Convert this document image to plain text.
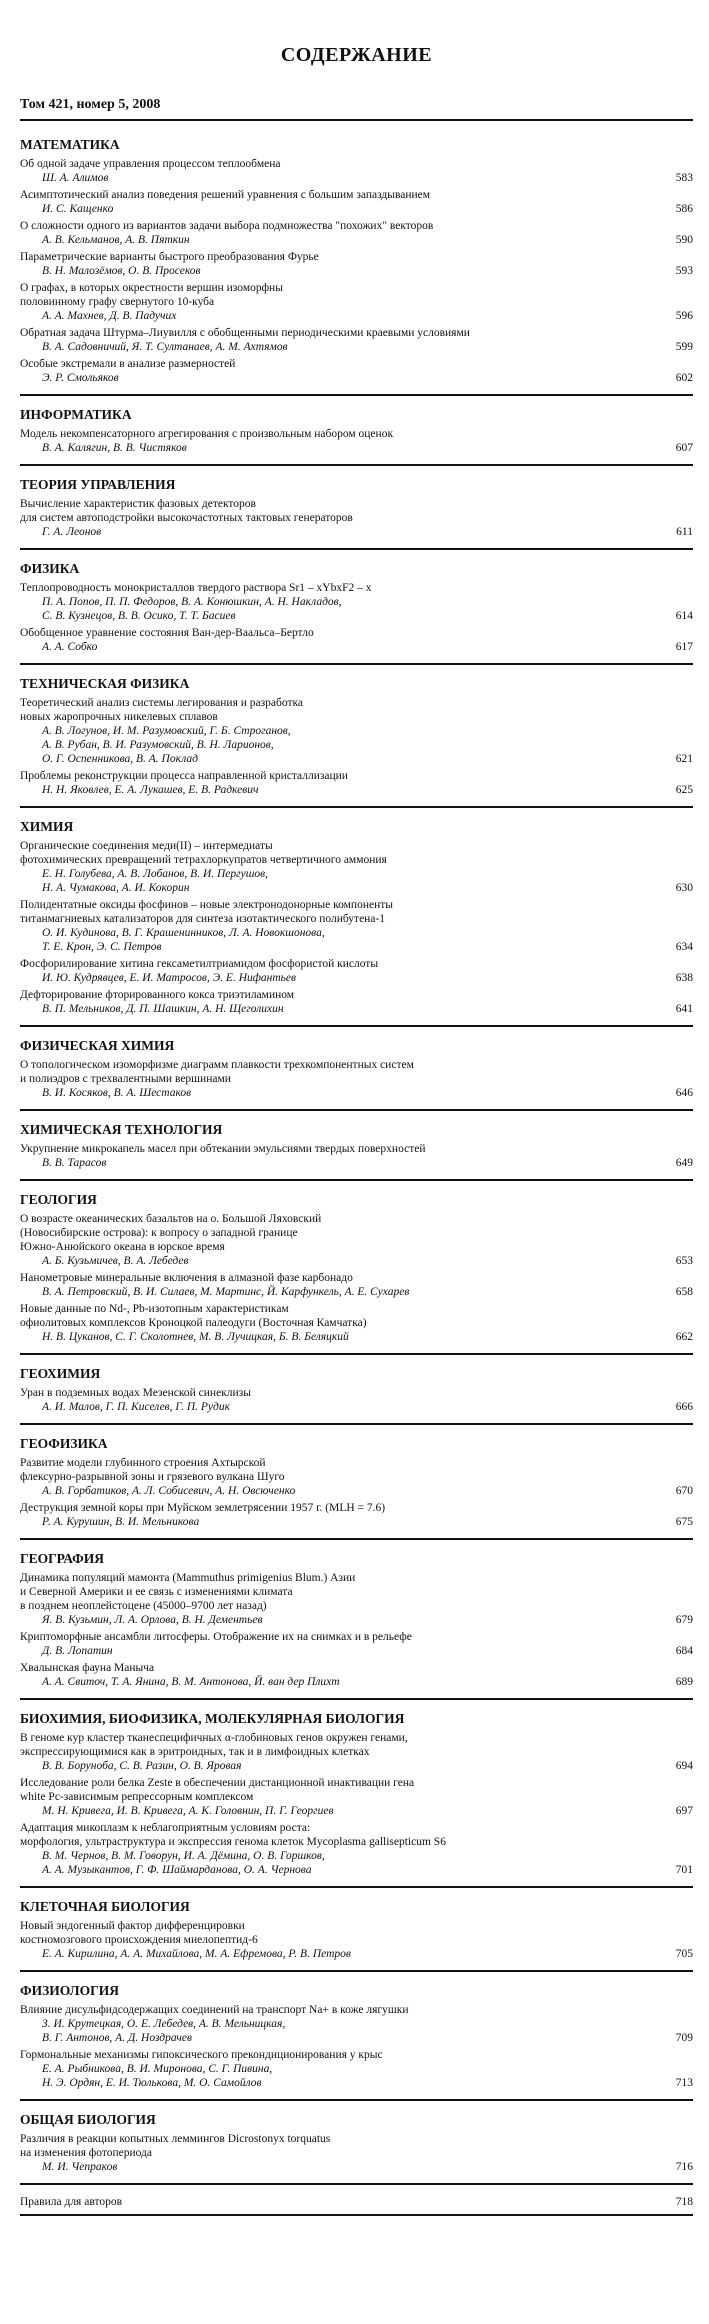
СОДЕРЖАНИЕ
Том 421, номер 5, 2008
МАТЕМАТИКА
Об одной задаче управления процессом теплообмена
Ш. А. Алимов	583
Асимптотический анализ поведения решений уравнения с большим запаздыванием
И. С. Кащенко	586
О сложности одного из вариантов задачи выбора подмножества "похожих" векторов
А. В. Кельманов, А. В. Пяткин	590
Параметрические варианты быстрого преобразования Фурье
В. Н. Малозёмов, О. В. Просеков	593
О графах, в которых окрестности вершин изоморфны
половинному графу свернутого 10-куба
А. А. Махнев, Д. В. Падучих	596
Обратная задача Штурма–Лиувилля с обобщенными периодическими краевыми условиями
В. А. Садовничий, Я. Т. Султанаев, А. М. Ахтямов	599
Особые экстремали в анализе размерностей
Э. Р. Смольяков	602
ИНФОРМАТИКА
Модель некомпенсаторного агрегирования с произвольным набором оценок
В. А. Калягин, В. В. Чистяков	607
ТЕОРИЯ УПРАВЛЕНИЯ
Вычисление характеристик фазовых детекторов
для систем автоподстройки высокочастотных тактовых генераторов
Г. А. Леонов	611
ФИЗИКА
Теплопроводность монокристаллов твердого раствора Sr1 – xYbxF2 – x
П. А. Попов, П. П. Федоров, В. А. Конюшкин, А. Н. Накладов,
С. В. Кузнецов, В. В. Осико, Т. Т. Басиев	614
Обобщенное уравнение состояния Ван-дер-Ваальса–Бертло
А. А. Собко	617
ТЕХНИЧЕСКАЯ ФИЗИКА
Теоретический анализ системы легирования и разработка
новых жаропрочных никелевых сплавов
А. В. Логунов, И. М. Разумовский, Г. Б. Строганов,
А. В. Рубан, В. И. Разумовский, В. Н. Ларионов,
О. Г. Оспенникова, В. А. Поклад	621
Проблемы реконструкции процесса направленной кристаллизации
Н. Н. Яковлев, Е. А. Лукашев, Е. В. Радкевич	625
ХИМИЯ
Органические соединения меди(II) – интермедиаты
фотохимических превращений тетрахлоркупратов четвертичного аммония
Е. Н. Голубева, А. В. Лобанов, В. И. Пергушов,
Н. А. Чумакова, А. И. Кокорин	630
Полидентатные оксиды фосфинов – новые электронодонорные компоненты
титанмагниевых катализаторов для синтеза изотактического полибутена-1
О. И. Кудинова, В. Г. Крашенинников, Л. А. Новокшонова,
Т. Е. Крон, Э. С. Петров	634
Фосфорилирование хитина гексаметилтриамидом фосфористой кислоты
И. Ю. Кудрявцев, Е. И. Матросов, Э. Е. Нифантьев	638
Дефторирование фторированного кокса триэтиламином
В. П. Мельников, Д. П. Шашкин, А. Н. Щеголихин	641
ФИЗИЧЕСКАЯ ХИМИЯ
О топологическом изоморфизме диаграмм плавкости трехкомпонентных систем
и полиэдров с трехвалентными вершинами
В. И. Косяков, В. А. Шестаков	646
ХИМИЧЕСКАЯ ТЕХНОЛОГИЯ
Укрупнение микрокапель масел при обтекании эмульсиями твердых поверхностей
В. В. Тарасов	649
ГЕОЛОГИЯ
О возрасте океанических базальтов на о. Большой Ляховский
(Новосибирские острова): к вопросу о западной границе
Южно-Анюйского океана в юрское время
А. Б. Кузьмичев, В. А. Лебедев	653
Нанометровые минеральные включения в алмазной фазе карбонадо
В. А. Петровский, В. И. Силаев, М. Мартинс, Й. Карфункель, А. Е. Сухарев	658
Новые данные по Nd-, Pb-изотопным характеристикам
офиолитовых комплексов Кроноцкой палеодуги (Восточная Камчатка)
Н. В. Цуканов, С. Г. Сколотнев, М. В. Лучицкая, Б. В. Беляцкий	662
ГЕОХИМИЯ
Уран в подземных водах Мезенской синеклизы
А. И. Малов, Г. П. Киселев, Г. П. Рудик	666
ГЕОФИЗИКА
Развитие модели глубинного строения Ахтырской
флексурно-разрывной зоны и грязевого вулкана Шуго
А. В. Горбатиков, А. Л. Собисевич, А. Н. Овсюченко	670
Деструкция земной коры при Муйском землетрясении 1957 г. (MLH = 7.6)
Р. А. Курушин, В. И. Мельникова	675
ГЕОГРАФИЯ
Динамика популяций мамонта (Mammuthus primigenius Blum.) Азии
и Северной Америки и ее связь с изменениями климата
в позднем неоплейстоцене (45000–9700 лет назад)
Я. В. Кузьмин, Л. А. Орлова, В. Н. Дементьев	679
Криптоморфные ансамбли литосферы. Отображение их на снимках и в рельефе
Д. В. Лопатин	684
Хвалынская фауна Маныча
А. А. Свиточ, Т. А. Янина, В. М. Антонова, Й. ван дер Плихт	689
БИОХИМИЯ, БИОФИЗИКА, МОЛЕКУЛЯРНАЯ БИОЛОГИЯ
В геноме кур кластер тканеспецифичных α-глобиновых генов окружен генами,
экспрессирующимися как в эритроидных, так и в лимфоидных клетках
В. В. Боруноба, С. В. Разин, О. В. Яровая	694
Исследование роли белка Zeste в обеспечении дистанционной инактивации гена
white Pc-зависимым репрессорным комплексом
М. Н. Кривега, И. В. Кривега, А. К. Головнин, П. Г. Георгиев	697
Адаптация микоплазм к неблагоприятным условиям роста:
морфология, ультраструктура и экспрессия генома клеток Mycoplasma gallisepticum S6
В. М. Чернов, В. М. Говорун, И. А. Дёмина, О. В. Горшков,
А. А. Музыкантов, Г. Ф. Шаймарданова, О. А. Чернова	701
КЛЕТОЧНАЯ БИОЛОГИЯ
Новый эндогенный фактор дифференцировки
костномозгового происхождения миелопептид-6
Е. А. Кирилина, А. А. Михайлова, М. А. Ефремова, Р. В. Петров	705
ФИЗИОЛОГИЯ
Влияние дисульфидсодержащих соединений на транспорт Na+ в коже лягушки
З. И. Крутецкая, О. Е. Лебедев, А. В. Мельницкая,
В. Г. Антонов, А. Д. Ноздрачев	709
Гормональные механизмы гипоксического прекондиционирования у крыс
Е. А. Рыбникова, В. И. Миронова, С. Г. Пивина,
Н. Э. Ордян, Е. И. Тюлькова, М. О. Самойлов	713
ОБЩАЯ БИОЛОГИЯ
Различия в реакции копытных леммингов Dicrostonyx torquatus
на изменения фотопериода
М. И. Чепраков	716
Правила для авторов	718
